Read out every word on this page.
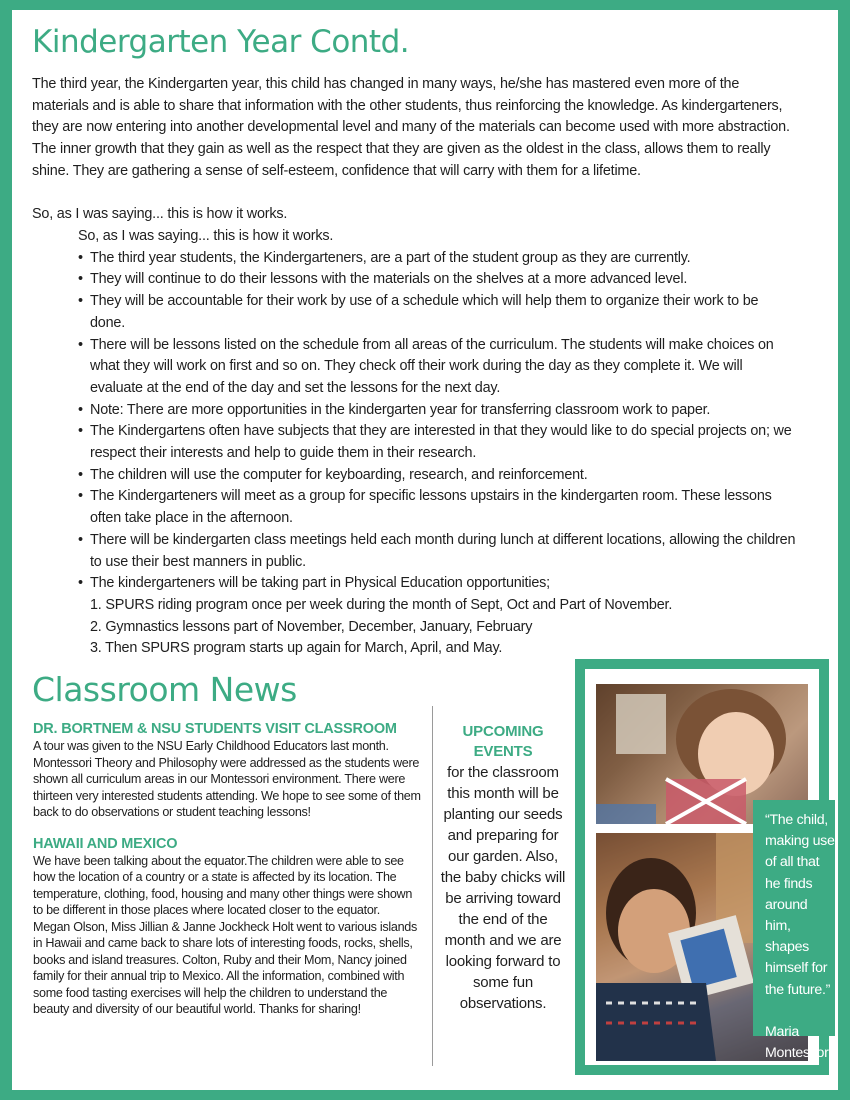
Kindergarten Year Contd.

The third year, the Kindergarten year, this child has changed in many ways, he/she has mastered even more of the materials and is able to share that information with the other students, thus reinforcing the knowledge. As kindergarteners, they are now entering into another developmental level and many of the materials can become used with more abstraction. The inner growth that they gain as well as the respect that they are given as the oldest in the class, allows them to really shine. They are gathering a sense of self-esteem, confidence that will carry with them for a lifetime.

So, as I was saying... this is how it works.

So, as I was saying... this is how it works.

• The third year students, the Kindergarteners, are a part of the student group as they are currently.
• They will continue to do their lessons with the materials on the shelves at a more advanced level.
• They will be accountable for their work by use of a schedule which will help them to organize their work to be done.
• There will be lessons listed on the schedule from all areas of the curriculum. The students will make choices on what they will work on first and so on. They check off their work during the day as they complete it. We will evaluate at the end of the day and set the lessons for the next day.
• Note: There are more opportunities in the kindergarten year for transferring classroom work to paper.
• The Kindergartens often have subjects that they are interested in that they would like to do special projects on; we respect their interests and help to guide them in their research.
• The children will use the computer for keyboarding, research, and reinforcement.
• The Kindergarteners will meet as a group for specific lessons upstairs in the kindergarten room. These lessons often take place in the afternoon.
• There will be kindergarten class meetings held each month during lunch at different locations, allowing the children to use their best manners in public.
• The kindergarteners will be taking part in Physical Education opportunities;
1. SPURS riding program once per week during the month of Sept, Oct and Part of November.
2. Gymnastics lessons part of November, December, January, February
3. Then SPURS program starts up again for March, April, and May.
Classroom News
DR. BORTNEM & NSU STUDENTS VISIT CLASSROOM

A tour was given to the NSU Early Childhood Educators last month. Montessori Theory and Philosophy were addressed as the students were shown all curriculum areas in our Montessori environment. There were thirteen very interested students attending. We hope to see some of them back to do observations or student teaching lessons!

HAWAII AND MEXICO

We have been talking about the equator.The children were able to see how the location of a country or a state is affected by its location. The temperature, clothing, food, housing and many other things were shown to be different in those places where located closer to the equator.

Megan Olson, Miss Jillian & Janne Jockheck Holt went to various islands in Hawaii and came back to share lots of interesting foods, rocks, shells, books and island treasures. Colton, Ruby and their Mom, Nancy joined family for their annual trip to Mexico. All the information, combined with some food tasting exercises will help the children to understand the beauty and diversity of our beautiful world. Thanks for sharing!

UPCOMING EVENTS

for the classroom this month will be planting our seeds and preparing for our garden. Also, the baby chicks will be arriving toward the end of the month and we are looking forward to some fun observations.

“The child, making use of all that he finds around him, shapes himself for the future.”

Maria Montessori
